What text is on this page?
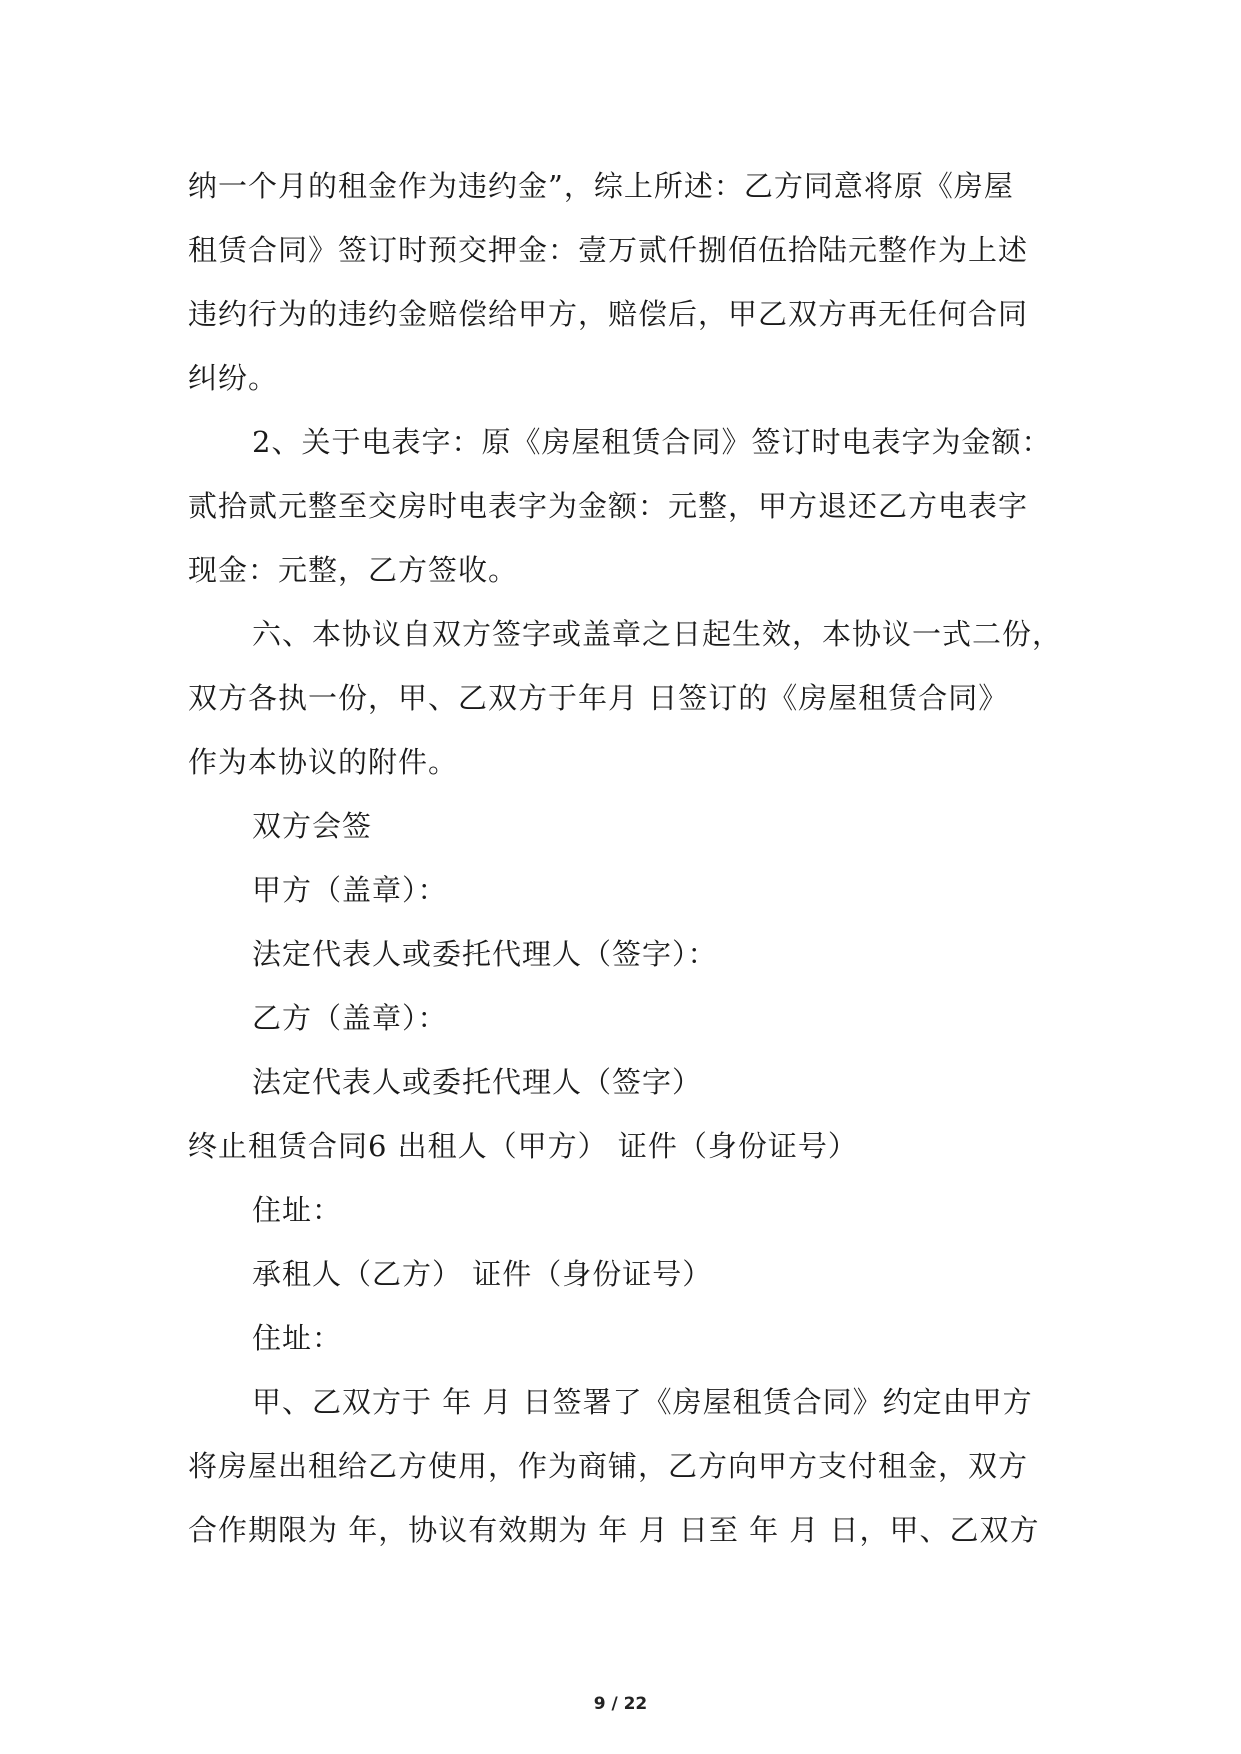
纳一个月的租金作为违约金”，综上所述：乙方同意将原《房屋
租赁合同》签订时预交押金：壹万贰仟捌佰伍拾陆元整作为上述
违约行为的违约金赔偿给甲方，赔偿后，甲乙双方再无任何合同
纠纷。
2、关于电表字：原《房屋租赁合同》签订时电表字为金额：
贰拾贰元整至交房时电表字为金额：元整，甲方退还乙方电表字
现金：元整，乙方签收。
六、本协议自双方签字或盖章之日起生效，本协议一式二份，
双方各执一份，甲、乙双方于年月 日签订的《房屋租赁合同》
作为本协议的附件。
双方会签
甲方（盖章）：
法定代表人或委托代理人（签字）：
乙方（盖章）：
法定代表人或委托代理人（签字）
终止租赁合同6 出租人（甲方） 证件（身份证号）
住址：
承租人（乙方） 证件（身份证号）
住址：
甲、乙双方于 年 月 日签署了《房屋租赁合同》约定由甲方
将房屋出租给乙方使用，作为商铺，乙方向甲方支付租金，双方
合作期限为 年，协议有效期为 年 月 日至 年 月 日，甲、乙双方
9 / 22
